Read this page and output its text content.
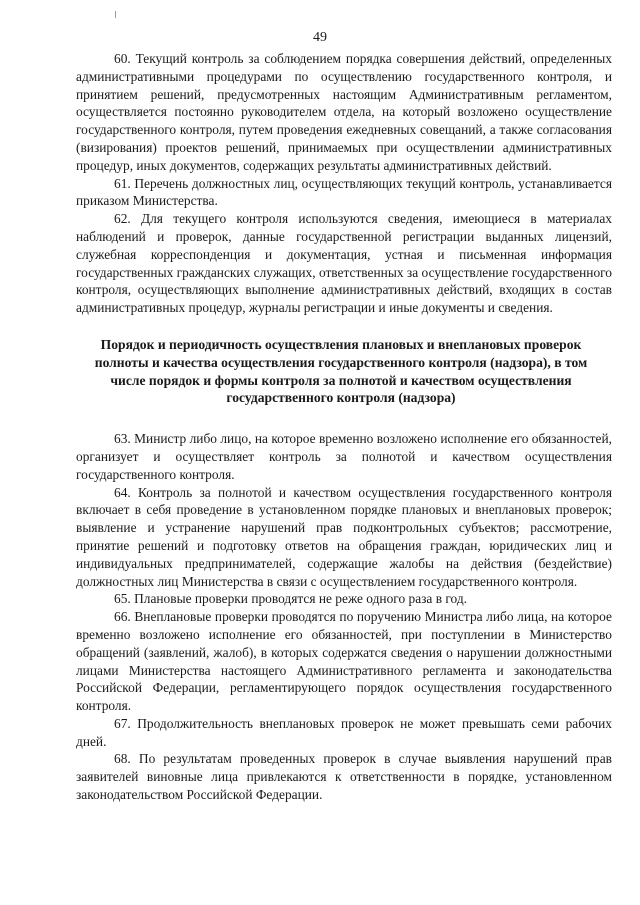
49

60. Текущий контроль за соблюдением порядка совершения действий, определенных административными процедурами по осуществлению государственного контроля, и принятием решений, предусмотренных настоящим Административным регламентом, осуществляется постоянно руководителем отдела, на который возложено осуществление государственного контроля, путем проведения ежедневных совещаний, а также согласования (визирования) проектов решений, принимаемых при осуществлении административных процедур, иных документов, содержащих результаты административных действий.

61. Перечень должностных лиц, осуществляющих текущий контроль, устанавливается приказом Министерства.

62. Для текущего контроля используются сведения, имеющиеся в материалах наблюдений и проверок, данные государственной регистрации выданных лицензий, служебная корреспонденция и документация, устная и письменная информация государственных гражданских служащих, ответственных за осуществление государственного контроля, осуществляющих выполнение административных действий, входящих в состав административных процедур, журналы регистрации и иные документы и сведения.

Порядок и периодичность осуществления плановых и внеплановых проверок полноты и качества осуществления государственного контроля (надзора), в том числе порядок и формы контроля за полнотой и качеством осуществления государственного контроля (надзора)

63. Министр либо лицо, на которое временно возложено исполнение его обязанностей, организует и осуществляет контроль за полнотой и качеством осуществления государственного контроля.

64. Контроль за полнотой и качеством осуществления государственного контроля включает в себя проведение в установленном порядке плановых и внеплановых проверок; выявление и устранение нарушений прав подконтрольных субъектов; рассмотрение, принятие решений и подготовку ответов на обращения граждан, юридических лиц и индивидуальных предпринимателей, содержащие жалобы на действия (бездействие) должностных лиц Министерства в связи с осуществлением государственного контроля.

65. Плановые проверки проводятся не реже одного раза в год.

66. Внеплановые проверки проводятся по поручению Министра либо лица, на которое временно возложено исполнение его обязанностей, при поступлении в Министерство обращений (заявлений, жалоб), в которых содержатся сведения о нарушении должностными лицами Министерства настоящего Административного регламента и законодательства Российской Федерации, регламентирующего порядок осуществления государственного контроля.

67. Продолжительность внеплановых проверок не может превышать семи рабочих дней.

68. По результатам проведенных проверок в случае выявления нарушений прав заявителей виновные лица привлекаются к ответственности в порядке, установленном законодательством Российской Федерации.
